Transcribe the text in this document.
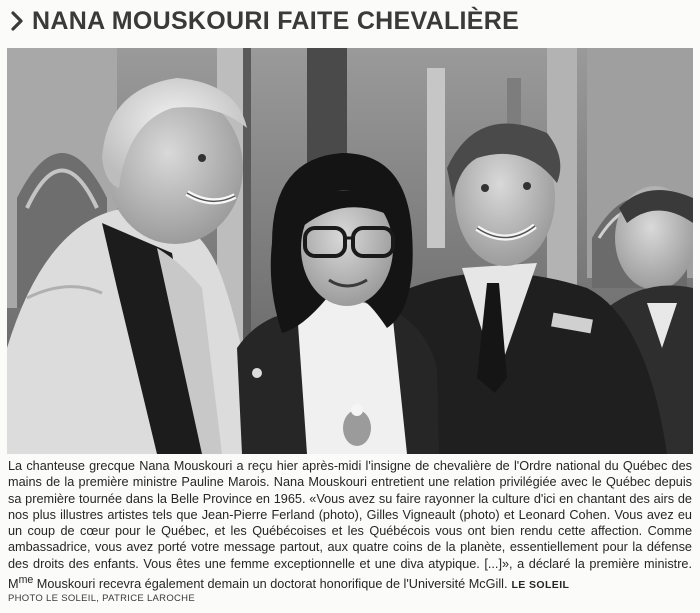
NANA MOUSKOURI FAITE CHEVALIÈRE

La chanteuse grecque Nana Mouskouri a reçu hier après-midi l'insigne de chevalière de l'Ordre national du Québec des mains de la première ministre Pauline Marois. Nana Mouskouri entretient une relation privilégiée avec le Québec depuis sa première tournée dans la Belle Province en 1965. «Vous avez su faire rayonner la culture d'ici en chantant des airs de nos plus illustres artistes tels que Jean-Pierre Ferland (photo), Gilles Vigneault (photo) et Leonard Cohen. Vous avez eu un coup de cœur pour le Québec, et les Québécoises et les Québécois vous ont bien rendu cette affection. Comme ambassadrice, vous avez porté votre message partout, aux quatre coins de la planète, essentiellement pour la défense des droits des enfants. Vous êtes une femme exceptionnelle et une diva atypique. [...]», a déclaré la première ministre. $M^{me}$ Mouskouri recevra également demain un doctorat honorifique de l'Université McGill. LE SOLEIL

PHOTO LE SOLEIL, PATRICE LAROCHE
